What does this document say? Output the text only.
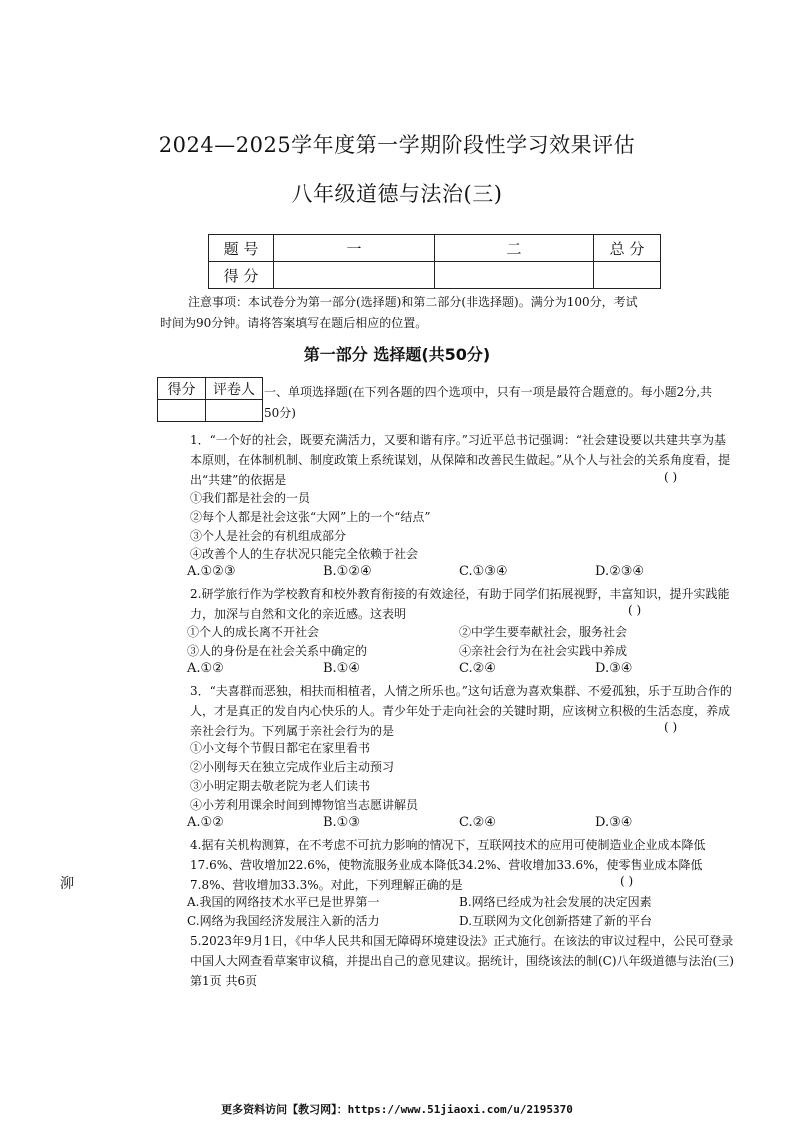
2024—2025学年度第一学期阶段性学习效果评估
八年级道德与法治(三)
题 号	一	二	总 分
得 分			
注意事项：本试卷分为第一部分(选择题)和第二部分(非选择题)。满分为100分，考试时间为90分钟。请将答案填写在题后相应的位置。
第一部分 选择题(共50分)
得分	评卷人
	一、单项选择题(在下列各题的四个选项中，只有一项是最符合题意的。每小题2分,共50分)
1．“一个好的社会，既要充满活力，又要和谐有序。”习近平总书记强调：“社会建设要以共建共享为基本原则，在体制机制、制度政策上系统谋划，从保障和改善民生做起。”从个人与社会的关系角度看，提出“共建”的依据是	( )
①我们都是社会的一员
②每个人都是社会这张“大网”上的一个“结点”
③个人是社会的有机组成部分
④改善个人的生存状况只能完全依赖于社会
A.①②③	B.①②④	C.①③④	D.②③④
2.研学旅行作为学校教育和校外教育衔接的有效途径，有助于同学们拓展视野，丰富知识，提升实践能力，加深与自然和文化的亲近感。这表明	( )
①个人的成长离不开社会	②中学生要奉献社会，服务社会
③人的身份是在社会关系中确定的	④亲社会行为在社会实践中养成
A.①②	B.①④	C.②④	D.③④
3．“夫喜群而恶独，相扶而相植者，人情之所乐也。”这句话意为喜欢集群、不爱孤独，乐于互助合作的人，才是真正的发自内心快乐的人。青少年处于走向社会的关键时期，应该树立积极的生活态度，养成亲社会行为。下列属于亲社会行为的是	( )
①小文每个节假日都宅在家里看书
②小刚每天在独立完成作业后主动预习
③小明定期去敬老院为老人们读书
④小芳利用课余时间到博物馆当志愿讲解员
A.①②	B.①③	C.②④	D.③④
4.据有关机构测算，在不考虑不可抗力影响的情况下，互联网技术的应用可使制造业企业成本降低17.6%、营收增加22.6%，使物流服务业成本降低34.2%、营收增加33.6%，使零售业成本降低7.8%、营收增加33.3%。对此，下列理解正确的是	( )
A.我国的网络技术水平已是世界第一	B.网络已经成为社会发展的决定因素
C.网络为我国经济发展注入新的活力	D.互联网为文化创新搭建了新的平台
5.2023年9月1日，《中华人民共和国无障碍环境建设法》正式施行。在该法的审议过程中，公民可登录中国人大网查看草案审议稿，并提出自己的意见建议。据统计，围绕该法的制(C)八年级道德与法治(三) 第1页 共6页
泖
更多资料访问【教习网】：https://www.51jiaoxi.com/u/2195370
